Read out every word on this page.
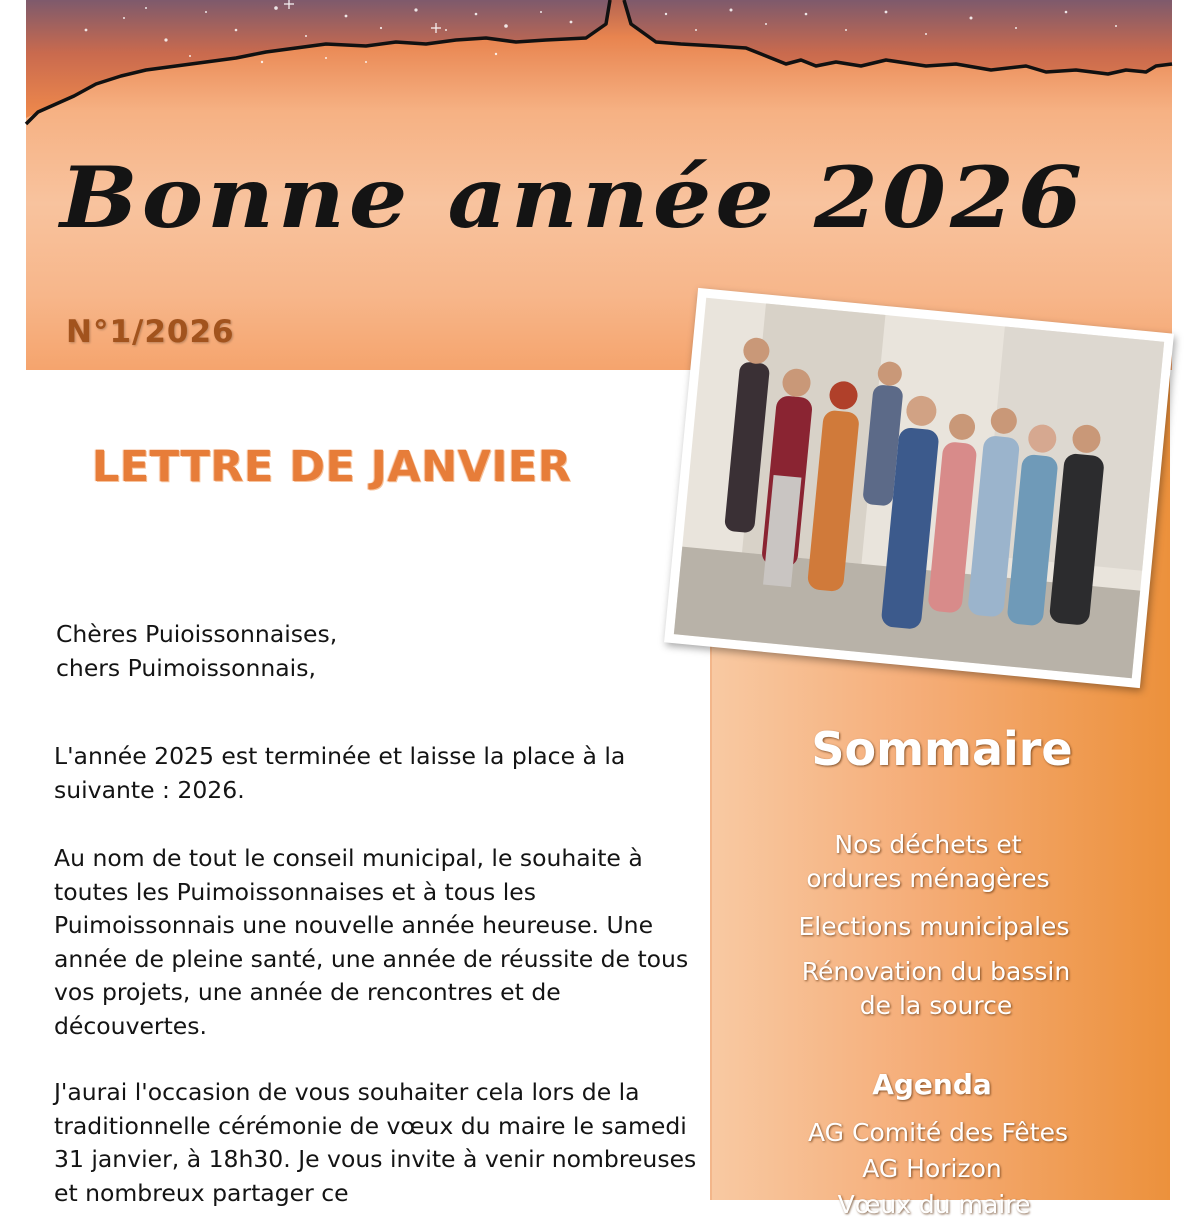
Bonne année 2026
N°1/2026
Sommaire
Nos déchets et ordures ménagères
Elections municipales
Rénovation du bassin de la source
Agenda
AG Comité des Fêtes
AG Horizon
Vœux du maire
LETTRE DE JANVIER
Chères Puioissonnaises,
chers Puimoissonnais,

L'année 2025 est terminée et laisse la place à la suivante : 2026.

Au nom de tout le conseil municipal, le souhaite à toutes les Puimoissonnaises et à tous les Puimoissonnais une nouvelle année heureuse. Une année de pleine santé, une année de réussite de tous vos projets, une année de rencontres et de découvertes.

J'aurai l'occasion de vous souhaiter cela lors de la traditionnelle cérémonie de vœux du maire le samedi 31 janvier, à 18h30. Je vous invite à venir nombreuses et nombreux partager ce
